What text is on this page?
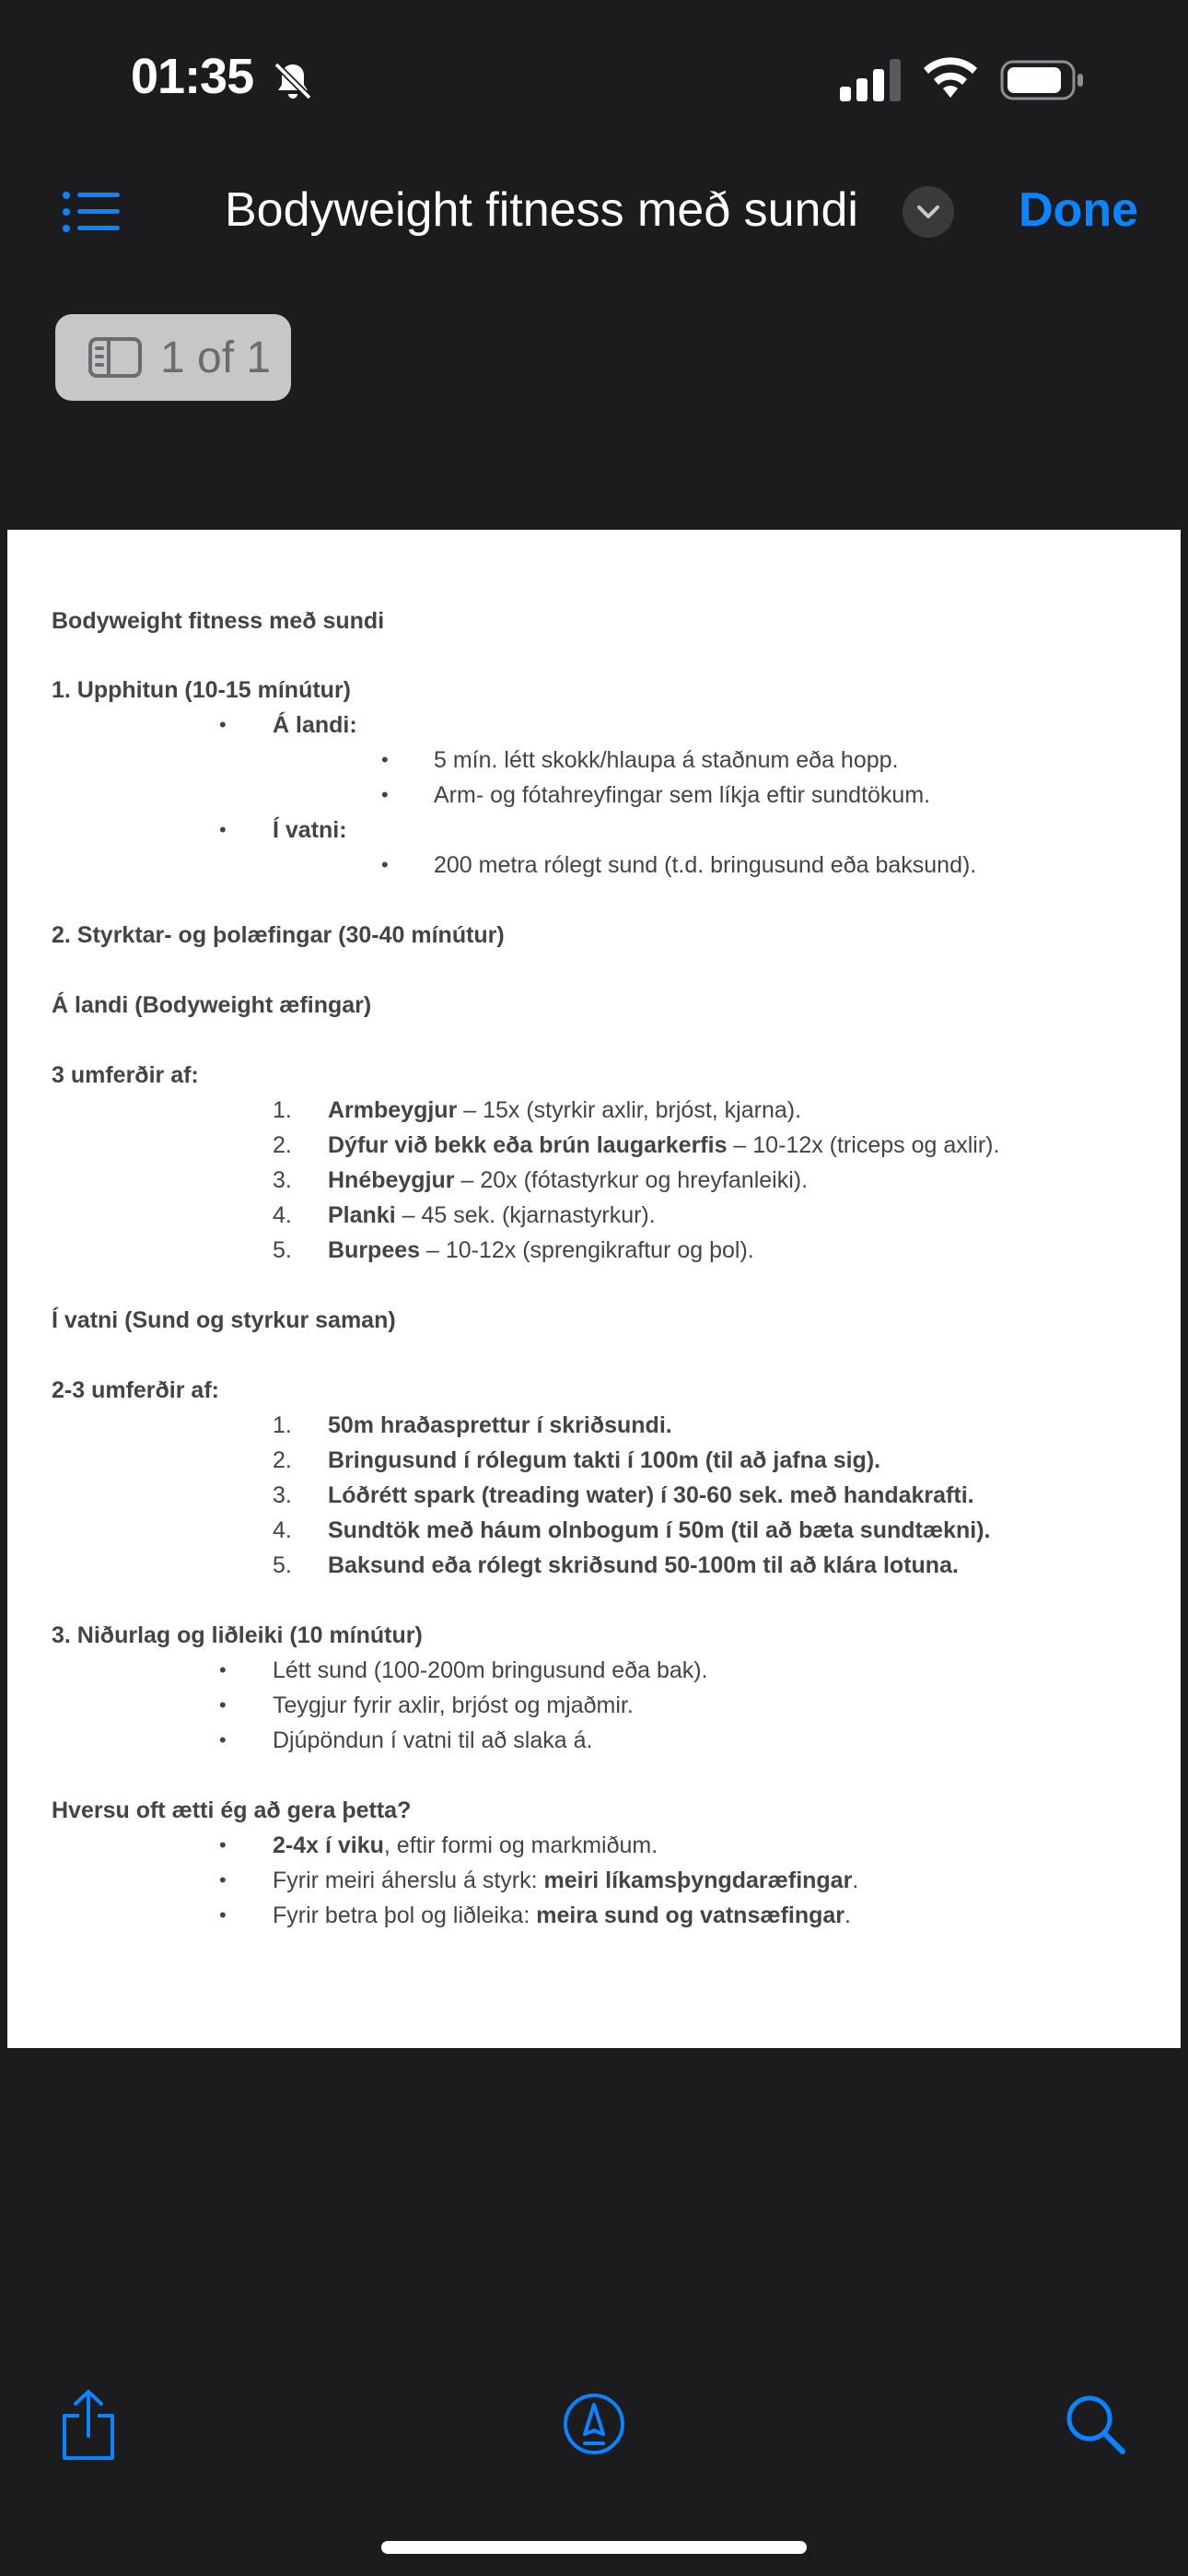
01:35
Bodyweight fitness með sundi	Done
1 of 1
Bodyweight fitness með sundi
1. Upphitun (10-15 mínútur)
• Á landi:
• 5 mín. létt skokk/hlaupa á staðnum eða hopp.
• Arm- og fótahreyfingar sem líkja eftir sundtökum.
• Í vatni:
• 200 metra rólegt sund (t.d. bringusund eða baksund).
2. Styrktar- og þolæfingar (30-40 mínútur)
Á landi (Bodyweight æfingar)
3 umferðir af:
1. Armbeygjur – 15x (styrkir axlir, brjóst, kjarna).
2. Dýfur við bekk eða brún laugarkerfis – 10-12x (triceps og axlir).
3. Hnébeygjur – 20x (fótastyrkur og hreyfanleiki).
4. Planki – 45 sek. (kjarnastyrkur).
5. Burpees – 10-12x (sprengikraftur og þol).
Í vatni (Sund og styrkur saman)
2-3 umferðir af:
1. 50m hraðasprettur í skriðsundi.
2. Bringusund í rólegum takti í 100m (til að jafna sig).
3. Lóðrétt spark (treading water) í 30-60 sek. með handakrafti.
4. Sundtök með háum olnbogum í 50m (til að bæta sundtækni).
5. Baksund eða rólegt skriðsund 50-100m til að klára lotuna.
3. Niðurlag og liðleiki (10 mínútur)
• Létt sund (100-200m bringusund eða bak).
• Teygjur fyrir axlir, brjóst og mjaðmir.
• Djúpöndun í vatni til að slaka á.
Hversu oft ætti ég að gera þetta?
• 2-4x í viku, eftir formi og markmiðum.
• Fyrir meiri áherslu á styrk: meiri líkamsþyngdaræfingar.
• Fyrir betra þol og liðleika: meira sund og vatnsæfingar.
